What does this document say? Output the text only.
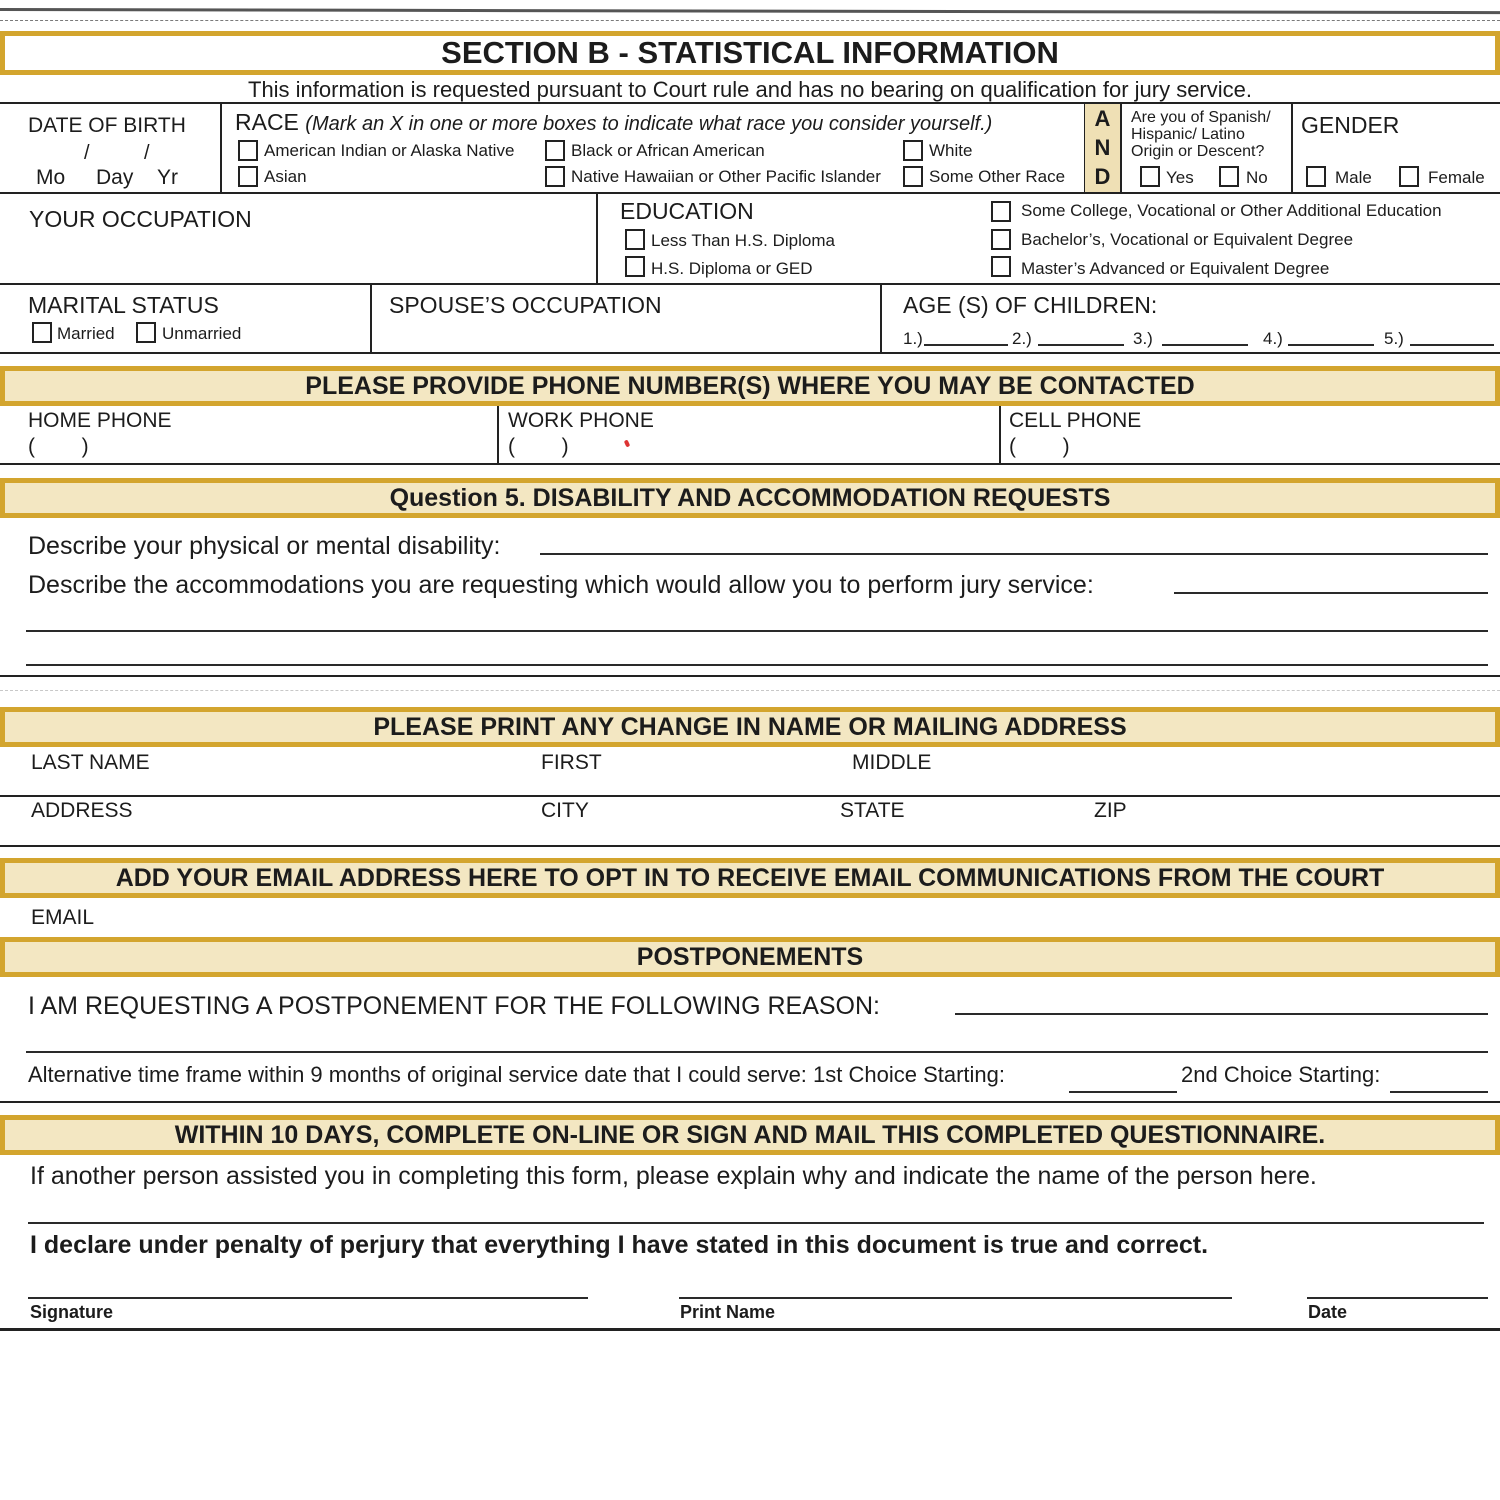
SECTION B - STATISTICAL INFORMATION
This information is requested pursuant to Court rule and has no bearing on qualification for jury service.
DATE OF BIRTH
/	/
Mo Day Yr
RACE (Mark an X in one or more boxes to indicate what race you consider yourself.)
American Indian or Alaska Native	Black or African American	White
Asian	Native Hawaiian or Other Pacific Islander	Some Other Race
A
N
D
Are you of Spanish/
Hispanic/ Latino
Origin or Descent?
Yes	No
GENDER
Male	Female
YOUR OCCUPATION	EDUCATION
Less Than H.S. Diploma
H.S. Diploma or GED
Some College, Vocational or Other Additional Education
Bachelor’s, Vocational or Equivalent Degree
Master’s Advanced or Equivalent Degree
MARITAL STATUS
Married	Unmarried
SPOUSE’S OCCUPATION	AGE (S) OF CHILDREN:
1.)	2.)	3.)	4.)	5.)
PLEASE PROVIDE PHONE NUMBER(S) WHERE YOU MAY BE CONTACTED
HOME PHONE
(        )
WORK PHONE
(        )
CELL PHONE
(        )
Question 5. DISABILITY AND ACCOMMODATION REQUESTS
Describe your physical or mental disability:
Describe the accommodations you are requesting which would allow you to perform jury service:
PLEASE PRINT ANY CHANGE IN NAME OR MAILING ADDRESS
LAST NAME	FIRST	MIDDLE
ADDRESS	CITY	STATE	ZIP
ADD YOUR EMAIL ADDRESS HERE TO OPT IN TO RECEIVE EMAIL COMMUNICATIONS FROM THE COURT
EMAIL
POSTPONEMENTS
I AM REQUESTING A POSTPONEMENT FOR THE FOLLOWING REASON:
Alternative time frame within 9 months of original service date that I could serve: 1st Choice Starting:	2nd Choice Starting:
WITHIN 10 DAYS, COMPLETE ON-LINE OR SIGN AND MAIL THIS COMPLETED QUESTIONNAIRE.
If another person assisted you in completing this form, please explain why and indicate the name of the person here.
I declare under penalty of perjury that everything I have stated in this document is true and correct.
Signature	Print Name	Date
